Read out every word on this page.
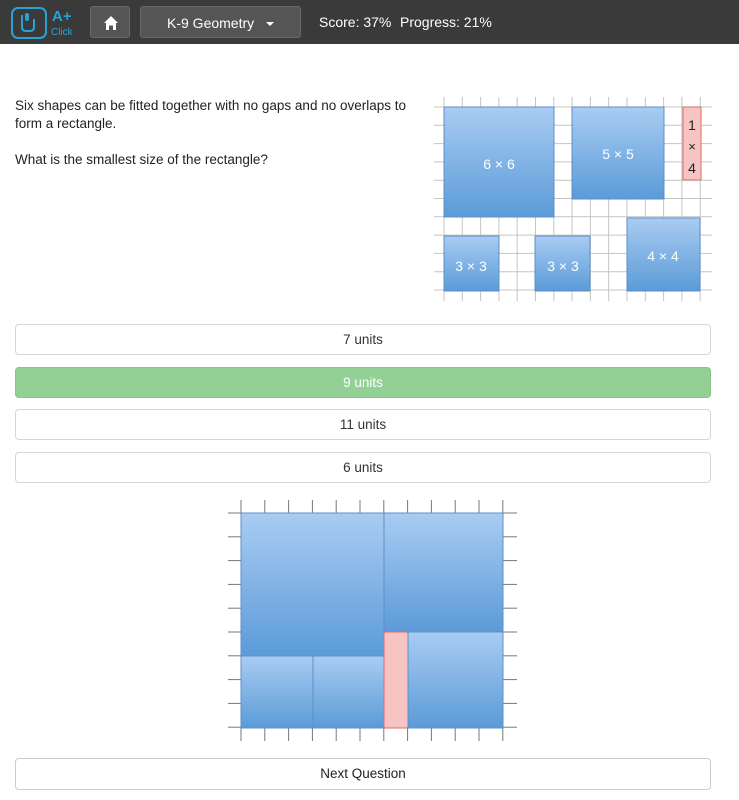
A+
Click
K-9 Geometry	Score: 37% Progress: 21%

Six shapes can be fitted together with no gaps and no overlaps to form a rectangle.

What is the smallest size of the rectangle?	6 × 6
5 × 5
1
×
4
3 × 3	3 × 3
4 × 4
7 units
9 units
11 units
6 units
Next Question
